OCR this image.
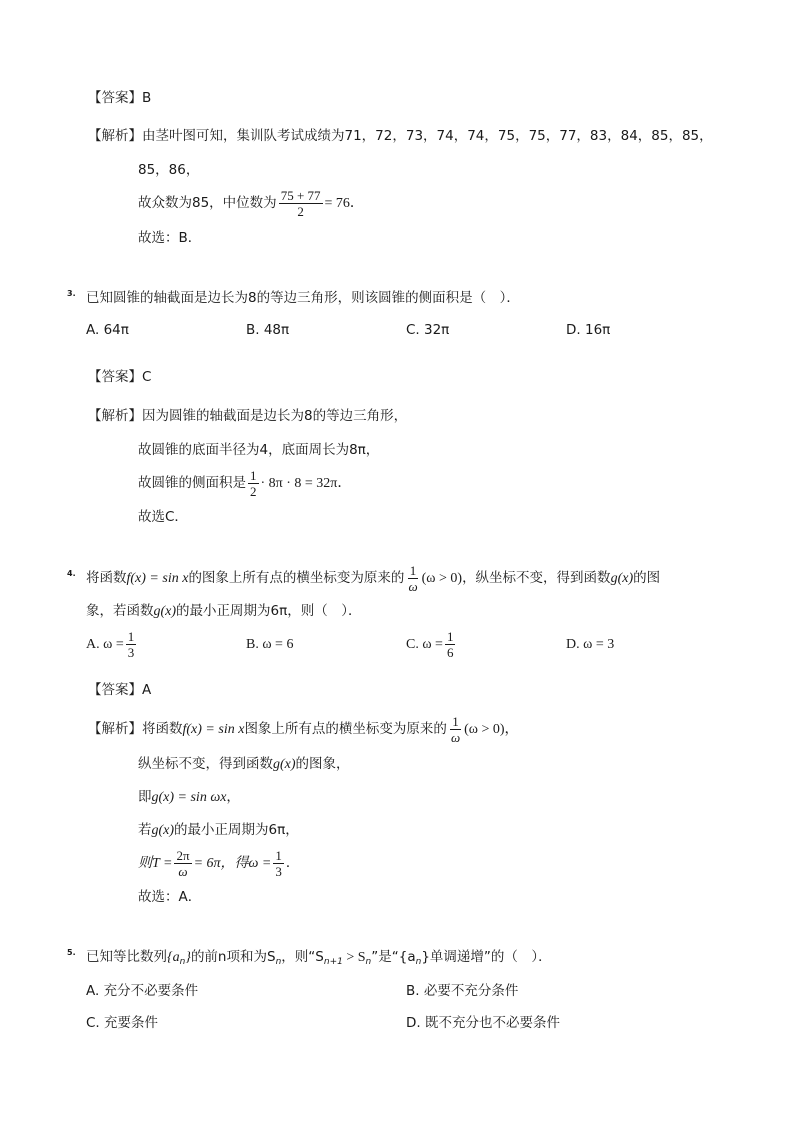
【答案】B
【解析】由茎叶图可知，集训队考试成绩为71，72，73，74，74，75，75，77，83，84，85，85，
85，86，
故众数为85，中位数为 $\frac{75 + 77}{2} = 76$．
故选：B．
3. 已知圆锥的轴截面是边长为8的等边三角形，则该圆锥的侧面积是（　）．
A. 64π	B. 48π	C. 32π	D. 16π
【答案】C
【解析】因为圆锥的轴截面是边长为8的等边三角形，
故圆锥的底面半径为4，底面周长为8π，
故圆锥的侧面积是 $\frac{1}{2} \cdot 8\pi \cdot 8 = 32\pi$．
故选C．
4. 将函数f(x) = sin x的图象上所有点的横坐标变为原来的 $\frac{1}{\omega} (\omega > 0)$，纵坐标不变，得到函数g(x)的图
象，若函数g(x)的最小正周期为6π，则（　）．
A. $\omega = \frac{1}{3}$	B. ω = 6	C. $\omega = \frac{1}{6}$	D. ω = 3
【答案】A
【解析】将函数f(x) = sin x图象上所有点的横坐标变为原来的 $\frac{1}{\omega} (\omega > 0)$，
纵坐标不变，得到函数g(x)的图象，
即g(x) = sin ωx，
若g(x)的最小正周期为6π，
则$T = \frac{2\pi}{\omega} = 6\pi$，得$\omega = \frac{1}{3}$ ．
故选：A．
5. 已知等比数列$\{a_n\}$的前n项和为$S_n$，则“$S_{n+1} > S_n$”是“$\{a_n\}$单调递增”的（　）．
A. 充分不必要条件	B. 必要不充分条件
C. 充要条件	D. 既不充分也不必要条件
